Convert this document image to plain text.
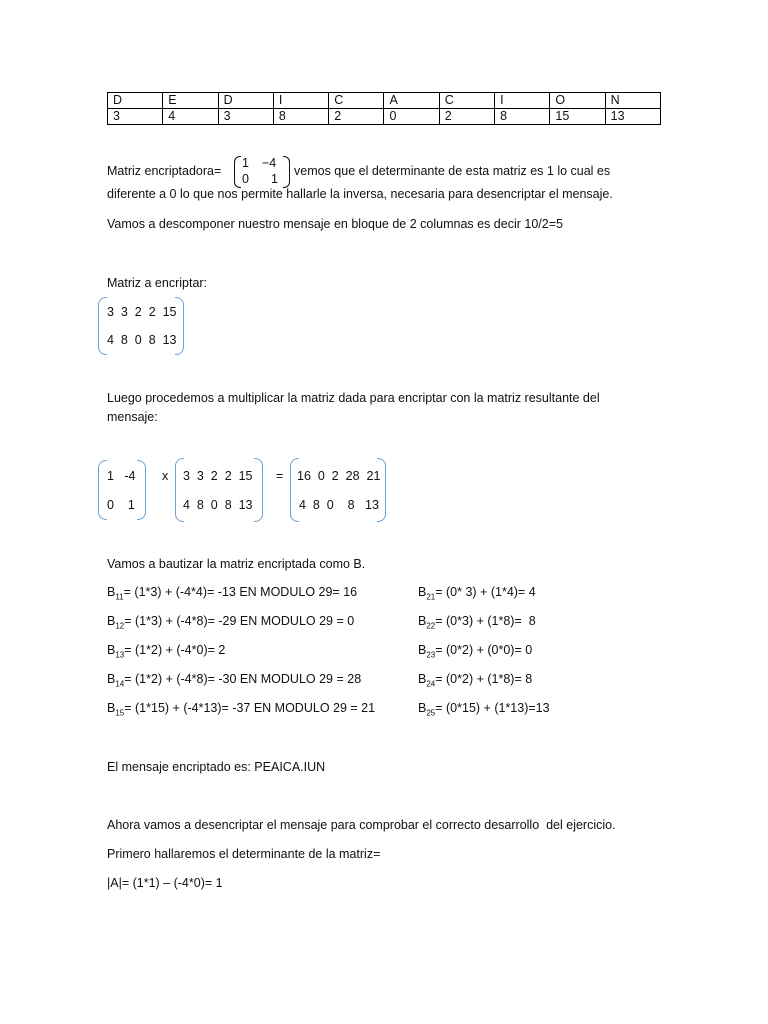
D	E	D	I	C	A	C	I	O	N
3	4	3	8	2	0	2	8	15	13
Matriz encriptadora=
1 −4
0 1
vemos que el determinante de esta matriz es 1 lo cual es
diferente a 0 lo que nos permite hallarle la inversa, necesaria para desencriptar el mensaje.
Vamos a descomponer nuestro mensaje en bloque de 2 columnas es decir 10/2=5
Matriz a encriptar:
3  3  2  2  15
4  8  0  8  13
Luego procedemos a multiplicar la matriz dada para encriptar con la matriz resultante del
mensaje:
1   -4
0    1
x 3  3  2  2  15
4  8  0  8  13
= 16  0  2  28  21
4  8  0    8   13
Vamos a bautizar la matriz encriptada como B.
$B_{11}= (1*3) + (-4*4)= -13$ EN MODULO 29= 16
$B_{12}= (1*3) + (-4*8)= -29$ EN MODULO 29 = 0
$B_{13}= (1*2) + (-4*0)= 2$
$B_{14}= (1*2) + (-4*8)= -30$ EN MODULO 29 = 28
$B_{15}= (1*15) + (-4*13)= -37$ EN MODULO 29 = 21
$B_{21}= (0*$ 3) + (1*4)= 4
$B_{22}= (0*3) + (1*8)= 8$
$B_{23}= (0*2) + (0*0)= 0$
$B_{24}= (0*2) + (1*8)= 8$
$B_{25}= (0*15) + (1*13)=13$
El mensaje encriptado es: PEAICA.IUN
Ahora vamos a desencriptar el mensaje para comprobar el correcto desarrollo  del ejercicio.
Primero hallaremos el determinante de la matriz=
|A|= (1*1) – (-4*0)= 1
